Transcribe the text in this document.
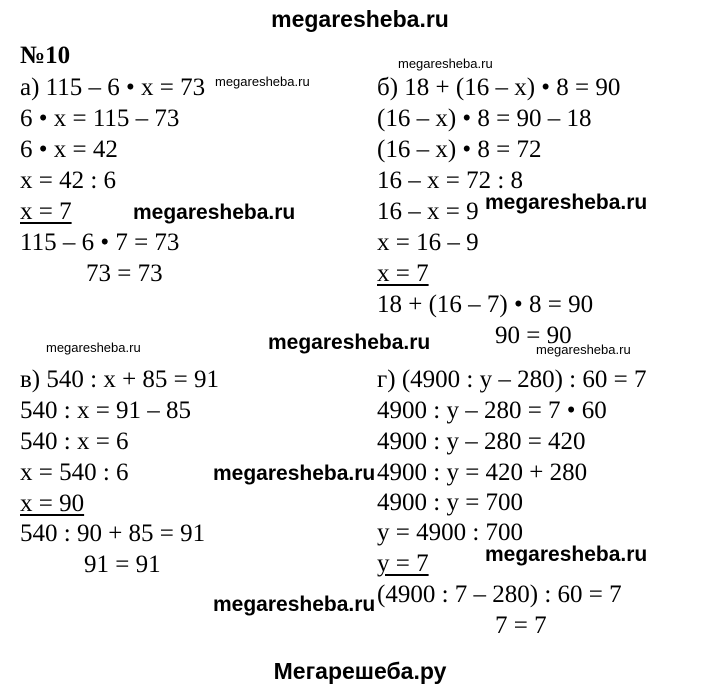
megaresheba.ru
Мегарешеба.ру
№10
а) 115 – 6 • x = 73
6 • x = 115 – 73
6 • x = 42
x = 42 : 6
x = 7
115 – 6 • 7 = 73
73 = 73
б) 18 + (16 – x) • 8 = 90
(16 – x) • 8 = 90 – 18
(16 – x) • 8 = 72
16 – x = 72 : 8
16 – x = 9
x = 16 – 9
x = 7
18 + (16 – 7) • 8 = 90
90 = 90
в) 540 : x + 85 = 91
540 : x = 91 – 85
540 : x = 6
x = 540 : 6
x = 90
540 : 90 + 85 = 91
91 = 91
г) (4900 : y – 280) : 60 = 7
4900 : y – 280 = 7 • 60
4900 : y – 280 = 420
4900 : y = 420 + 280
4900 : y = 700
y = 4900 : 700
y = 7
(4900 : 7 – 280) : 60 = 7
7 = 7
megaresheba.ru	megaresheba.ru
megaresheba.ru
megaresheba.ru
megaresheba.ru
megaresheba.ru
megaresheba.ru
megaresheba.ru
megaresheba.ru	megaresheba.ru
